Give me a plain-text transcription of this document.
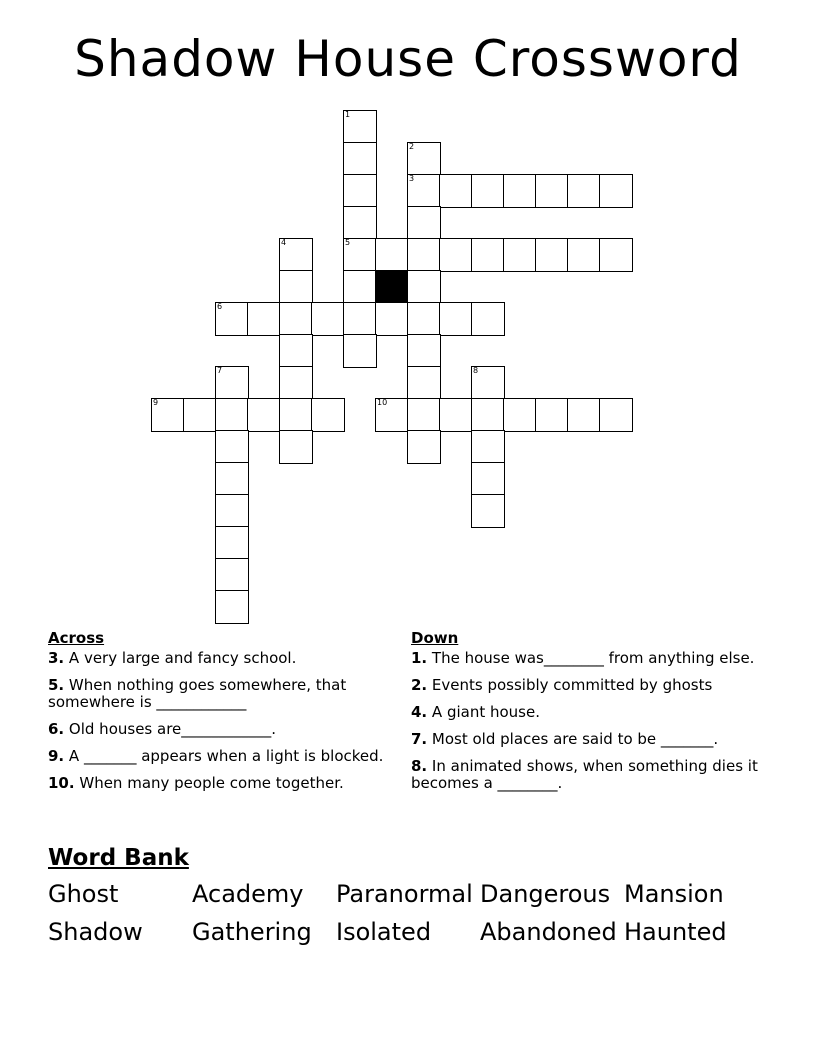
Shadow House Crossword
1
2
3
4	5
6
7	8
9	10
Across
3. A very large and fancy school.
5. When nothing goes somewhere, that somewhere is ____________
6. Old houses are____________.
9. A _______ appears when a light is blocked.
10. When many people come together.
Down
1. The house was________ from anything else.
2. Events possibly committed by ghosts
4. A giant house.
7. Most old places are said to be _______.
8. In animated shows, when something dies it becomes a ________.
Word Bank
Ghost	Academy	Paranormal Dangerous Mansion
Shadow	Gathering	Isolated	Abandoned Haunted
